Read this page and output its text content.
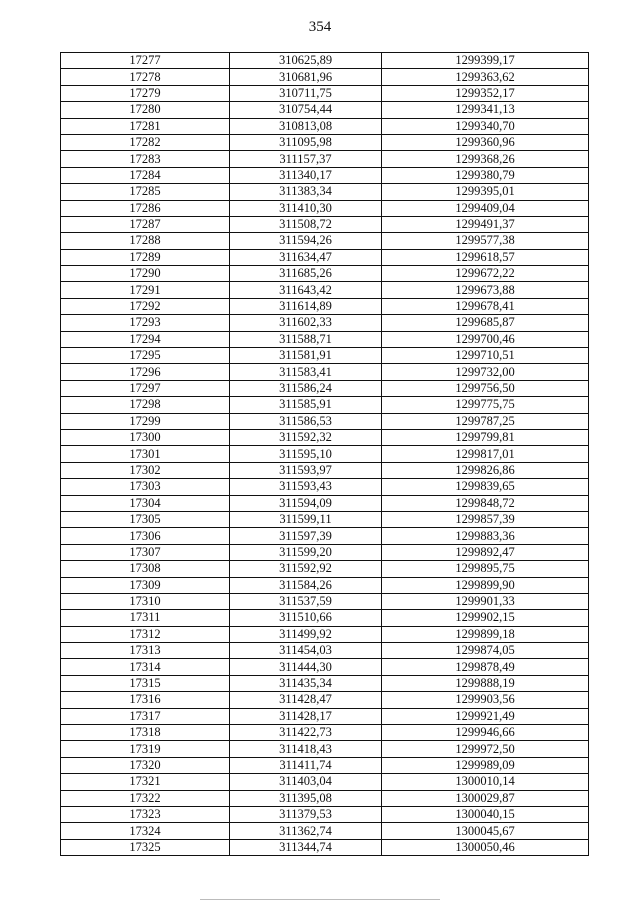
354
17277	310625,89	1299399,17
17278	310681,96	1299363,62
17279	310711,75	1299352,17
17280	310754,44	1299341,13
17281	310813,08	1299340,70
17282	311095,98	1299360,96
17283	311157,37	1299368,26
17284	311340,17	1299380,79
17285	311383,34	1299395,01
17286	311410,30	1299409,04
17287	311508,72	1299491,37
17288	311594,26	1299577,38
17289	311634,47	1299618,57
17290	311685,26	1299672,22
17291	311643,42	1299673,88
17292	311614,89	1299678,41
17293	311602,33	1299685,87
17294	311588,71	1299700,46
17295	311581,91	1299710,51
17296	311583,41	1299732,00
17297	311586,24	1299756,50
17298	311585,91	1299775,75
17299	311586,53	1299787,25
17300	311592,32	1299799,81
17301	311595,10	1299817,01
17302	311593,97	1299826,86
17303	311593,43	1299839,65
17304	311594,09	1299848,72
17305	311599,11	1299857,39
17306	311597,39	1299883,36
17307	311599,20	1299892,47
17308	311592,92	1299895,75
17309	311584,26	1299899,90
17310	311537,59	1299901,33
17311	311510,66	1299902,15
17312	311499,92	1299899,18
17313	311454,03	1299874,05
17314	311444,30	1299878,49
17315	311435,34	1299888,19
17316	311428,47	1299903,56
17317	311428,17	1299921,49
17318	311422,73	1299946,66
17319	311418,43	1299972,50
17320	311411,74	1299989,09
17321	311403,04	1300010,14
17322	311395,08	1300029,87
17323	311379,53	1300040,15
17324	311362,74	1300045,67
17325	311344,74	1300050,46
